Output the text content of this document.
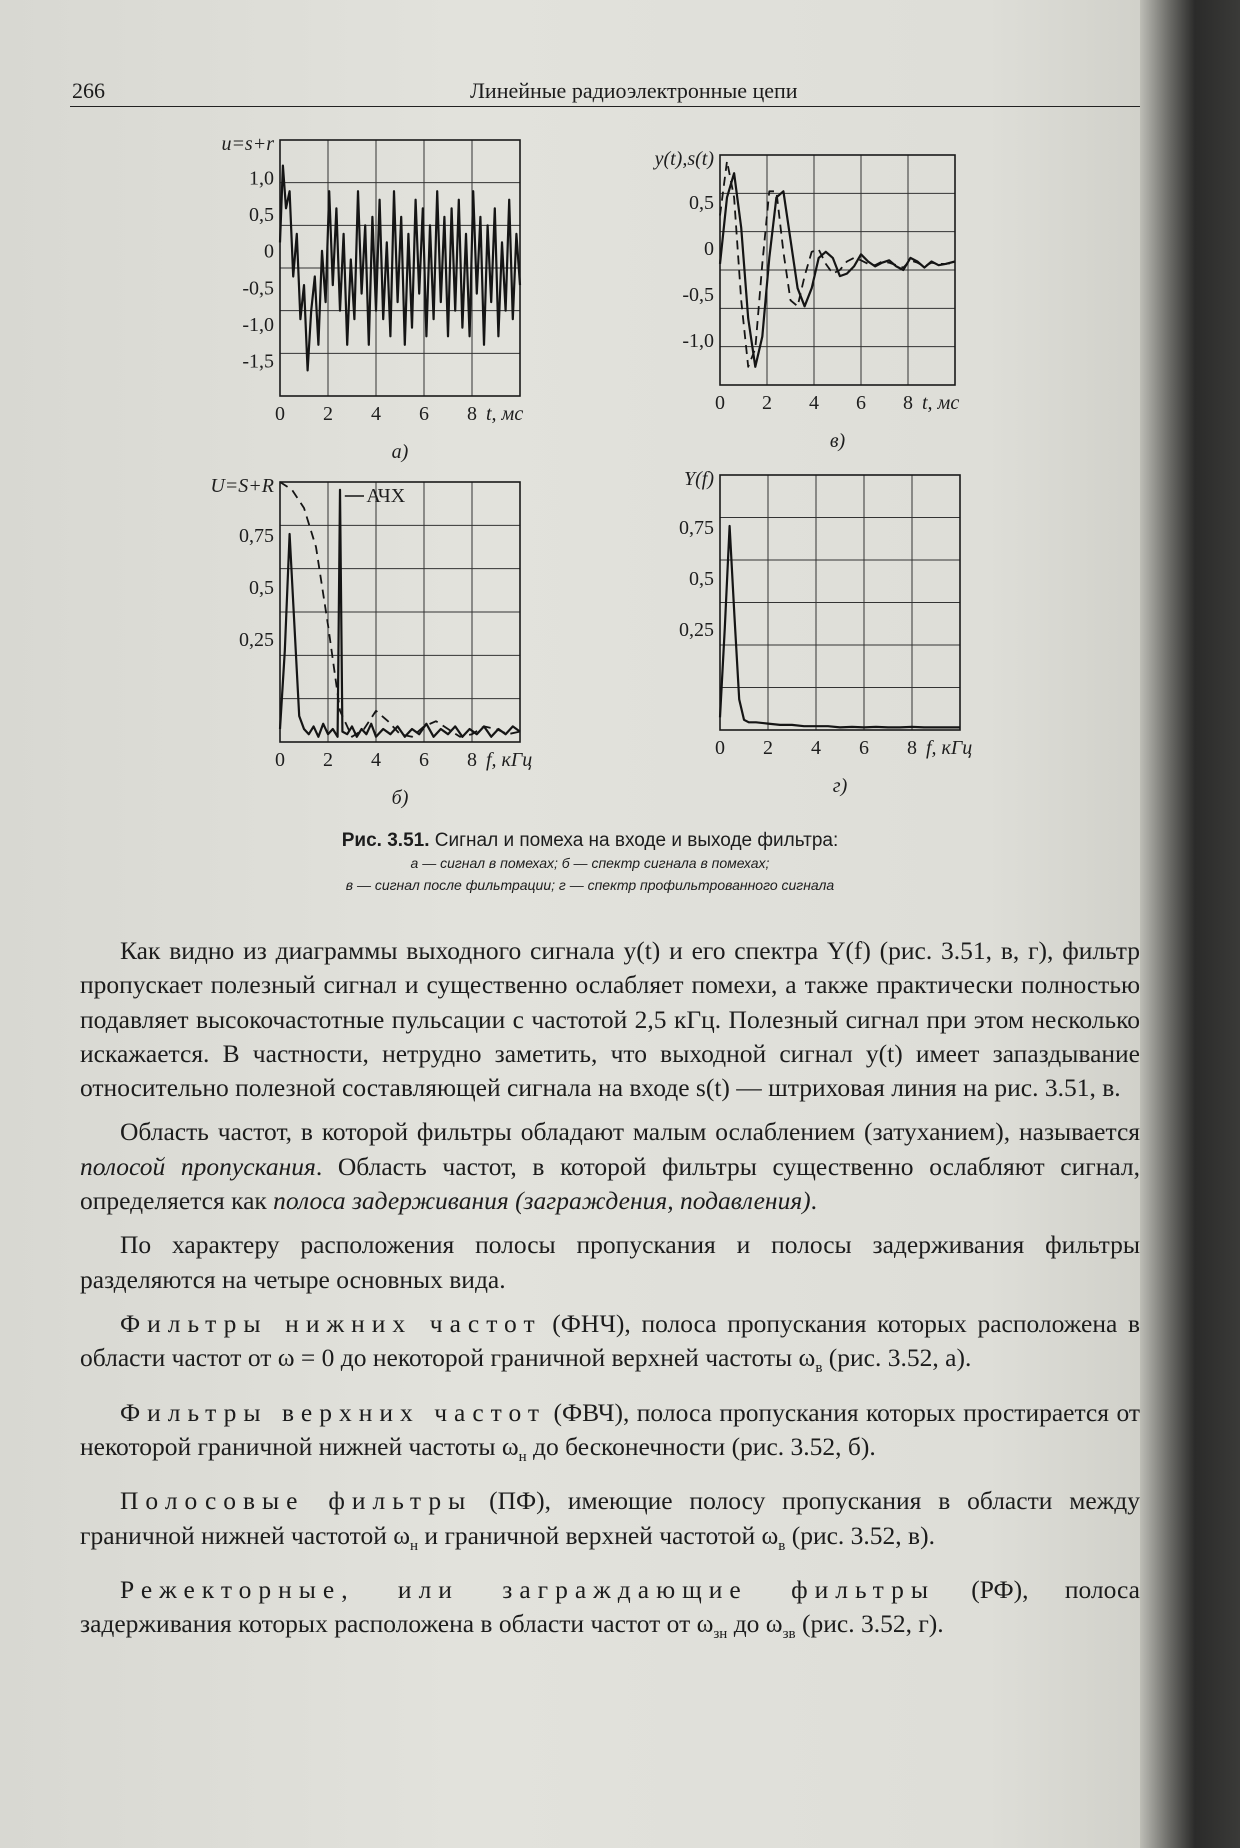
266	Линейные радиоэлектронные цепи
0 2 4 6 8 t, мс
1,0
0,5
0
-0,5
-1,0
-1,5
u=s+r
а)
0 2 4 6 8 t, мс
0,5
0
-0,5
-1,0
y(t),s(t)
в)
0 2 4 6 8 f, кГц
0,75
0,5
0,25
U=S+R	АЧХ
б)
0 2 4 6 8 f, кГц
0,75
0,5
0,25
Y(f)
г)
Рис. 3.51. Сигнал и помеха на входе и выходе фильтра:
а — сигнал в помехах; б — спектр сигнала в помехах;
в — сигнал после фильтрации; г — спектр профильтрованного сигнала

Как видно из диаграммы выходного сигнала y(t) и его спектра Y(f) (рис. 3.51, в, г), фильтр пропускает полезный сигнал и существенно ослабляет помехи, а также практически полностью подавляет высокочастотные пульсации с частотой 2,5 кГц. Полезный сигнал при этом несколько искажается. В частности, нетрудно заметить, что выходной сигнал y(t) имеет запаздывание относительно полезной составляющей сигнала на входе s(t) — штриховая линия на рис. 3.51, в.

Область частот, в которой фильтры обладают малым ослаблением (затуханием), называется полосой пропускания. Область частот, в которой фильтры существенно ослабляют сигнал, определяется как полоса задерживания (заграждения, подавления).

По характеру расположения полосы пропускания и полосы задерживания фильтры разделяются на четыре основных вида.

Фильтры нижних частот (ФНЧ), полоса пропускания которых расположена в области частот от ω = 0 до некоторой граничной верхней частоты $\omega_в$ (рис. 3.52, а).

Фильтры верхних частот (ФВЧ), полоса пропускания которых простирается от некоторой граничной нижней частоты $\omega_н$ до бесконечности (рис. 3.52, б).

Полосовые фильтры (ПФ), имеющие полосу пропускания в области между граничной нижней частотой $\omega_н$ и граничной верхней частотой $\omega_в$ (рис. 3.52, в).

Режекторные, или заграждающие фильтры (РФ), полоса задерживания которых расположена в области частот от $\omega_{зн}$ до $\omega_{зв}$ (рис. 3.52, г).
